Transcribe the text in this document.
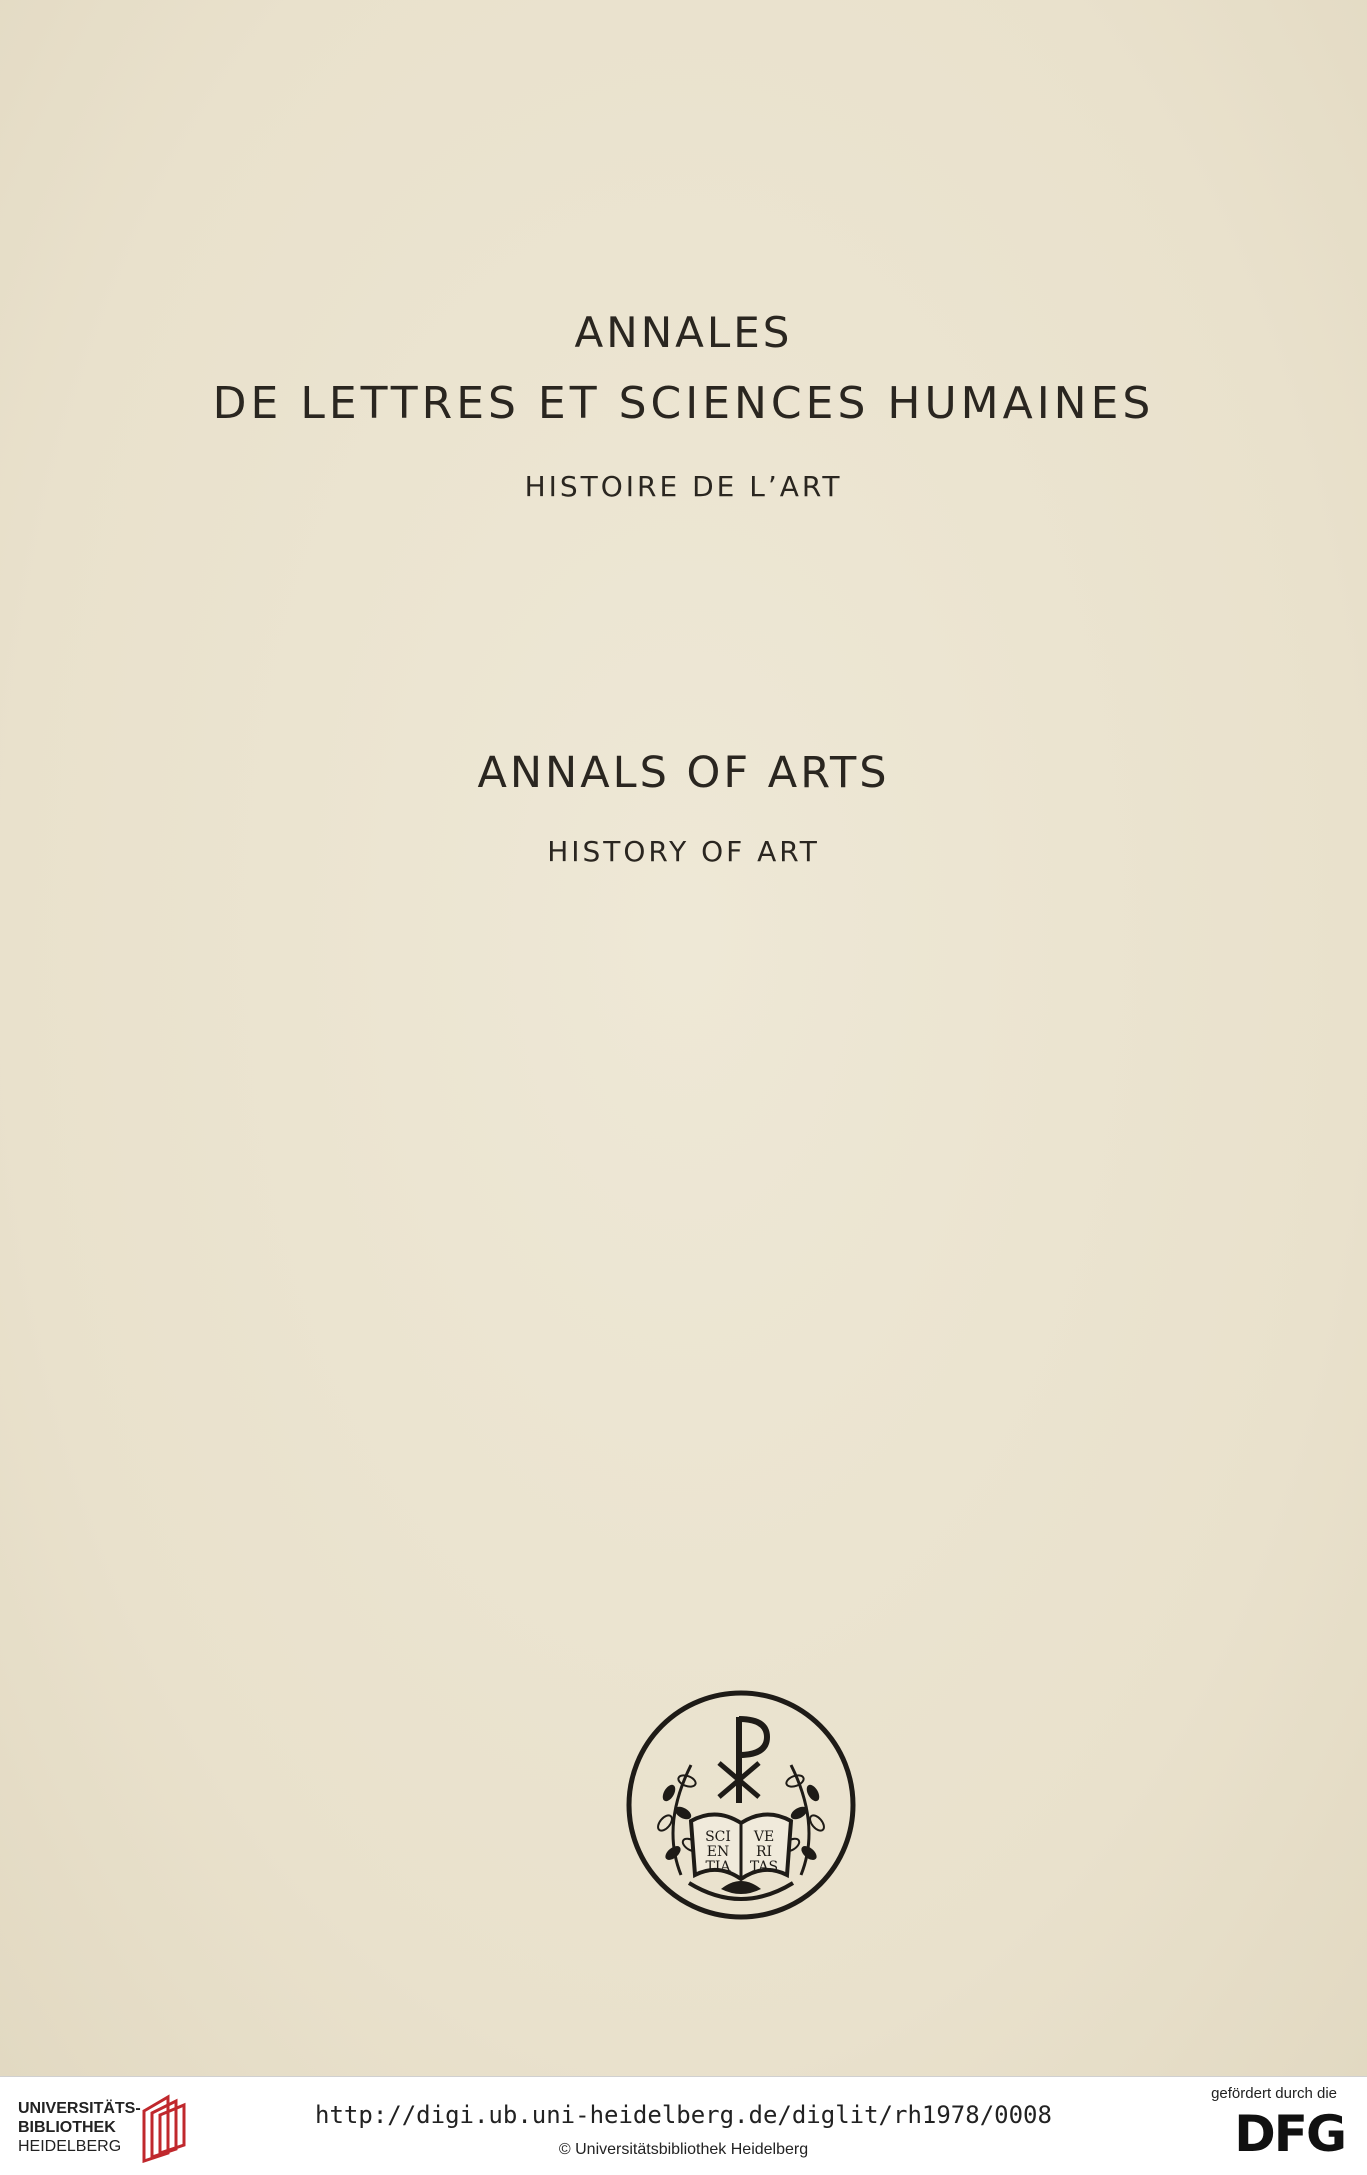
ANNALES
DE LETTRES ET SCIENCES HUMAINES
HISTOIRE DE L’ART
ANNALS OF ARTS
HISTORY OF ART
SCI VE
EN RI
TIA TAS
UNIVERSITÄTS-
BIBLIOTHEK
HEIDELBERG
http://digi.ub.uni-heidelberg.de/diglit/rh1978/0008
© Universitätsbibliothek Heidelberg
gefördert durch die
DFG
